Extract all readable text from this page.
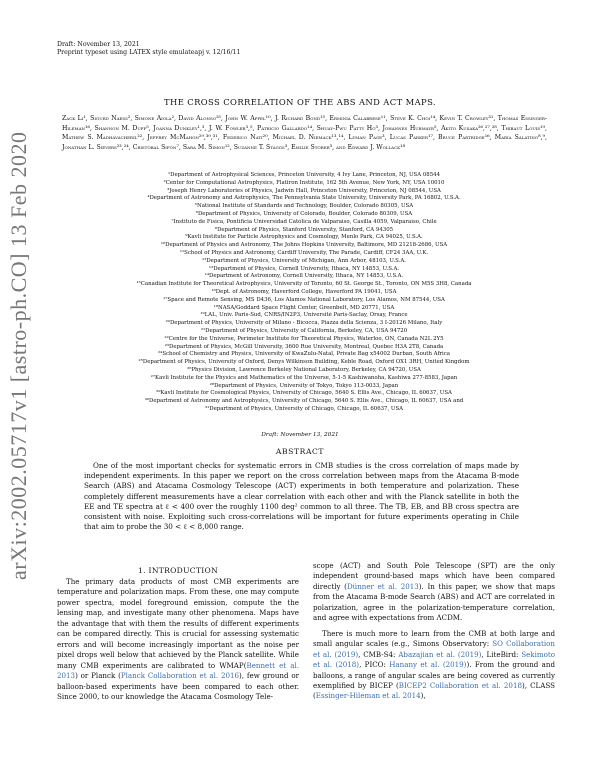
Draft: November 13, 2021
Preprint typeset using LATEX style emulateapj v. 12/16/11
arXiv:2002.05717v1 [astro-ph.CO] 13 Feb 2020
THE CROSS CORRELATION OF THE ABS AND ACT MAPS.
Zack Li¹, Sigurd Naess², Simone Aiola², David Alonso²⁵, John W. Appel¹⁰, J. Richard Bond¹⁵, Erminia Calabrese¹¹, Steve K. Choi¹⁴, Kevin T. Crowley³¹, Thomas Essinger-Hileman¹⁶, Shannon M. Duff⁵, Joanna Dunkley¹,³, J. W. Fowler³,⁵, Patricio Gallardo¹⁴, Shuay-Pwu Patty Ho³, Johannes Hubmayr⁵, Akito Kusaka²⁶,²⁷,²⁸, Thibaut Louis¹⁹, Mathew S. Madhavacheril²², Jeffrey McMahon²⁹,³⁰,³¹, Federico Nati²⁰, Michael D. Niemack¹³,¹⁴, Lyman Page³, Lucas Parker¹⁷, Bruce Partridge¹⁶, Maria Salatino⁸,⁹, Jonathan L. Sievers²³,²⁴, Cristóbal Sifón⁷, Sara M. Simon¹², Suzanne T. Staggs³, Emilie Storer³, and Edward J. Wollack¹⁸
¹Department of Astrophysical Sciences, Princeton University, 4 Ivy Lane, Princeton, NJ, USA 08544
²Center for Computational Astrophysics, Flatiron Institute, 162 5th Avenue, New York, NY, USA 10010
³Joseph Henry Laboratories of Physics, Jadwin Hall, Princeton University, Princeton, NJ 08544, USA
⁴Department of Astronomy and Astrophysics, The Pennsylvania State University, University Park, PA 16802, U.S.A.
⁵National Institute of Standards and Technology, Boulder, Colorado 80305, USA
⁶Department of Physics, University of Colorado, Boulder, Colorado 80309, USA
⁷Instituto de Física, Pontificia Universidad Católica de Valparaíso, Casilla 4059, Valparaíso, Chile
⁸Department of Physics, Stanford University, Stanford, CA 94305
⁹Kavli Institute for Particle Astrophysics and Cosmology, Menlo Park, CA 94025, U.S.A.
¹⁰Department of Physics and Astronomy, The Johns Hopkins University, Baltimore, MD 21218-2686, USA
¹¹School of Physics and Astronomy, Cardiff University, The Parade, Cardiff, CF24 3AA, U.K.
¹²Department of Physics, University of Michigan, Ann Arbor, 48103, U.S.A.
¹³Department of Physics, Cornell University, Ithaca, NY 14853, U.S.A.
¹⁴Department of Astronomy, Cornell University, Ithaca, NY 14853, U.S.A.
¹⁵Canadian Institute for Theoretical Astrophysics, University of Toronto, 60 St. George St., Toronto, ON M5S 3H8, Canada
¹⁶Dept. of Astronomy, Haverford College, Haverford PA 19041, USA
¹⁷Space and Remote Sensing, MS D436, Los Alamos National Laboratory, Los Alamos, NM 87544, USA
¹⁸NASA/Goddard Space Flight Center, Greenbelt, MD 20771, USA
¹⁹LAL, Univ. Paris-Sud, CNRS/IN2P3, Université Paris-Saclay, Orsay, France
²⁰Department of Physics, University of Milano - Bicocca, Piazza della Scienza, 3 I-20126 Milano, Italy
²¹Department of Physics, University of California, Berkeley, CA, USA 94720
²²Centre for the Universe, Perimeter Institute for Theoretical Physics, Waterloo, ON, Canada N2L 2Y5
²³Department of Physics, McGill University, 3600 Rue University, Montreal, Quebec H3A 2T8, Canada
²⁴School of Chemistry and Physics, University of KwaZulu-Natal, Private Bag x54002 Durban, South Africa
²⁵Department of Physics, University of Oxford, Denys Wilkinson Building, Keble Road, Oxford OX1 3RH, United Kingdom
²⁶Physics Division, Lawrence Berkeley National Laboratory, Berkeley, CA 94720, USA
²⁷Kavli Institute for the Physics and Mathematics of the Universe, 5-1-5 Kashiwanoha, Kashiwa 277-8583, Japan
²⁸Department of Physics, University of Tokyo, Tokyo 113-0033, Japan
²⁹Kavli Institute for Cosmological Physics, University of Chicago, 5640 S. Ellis Ave., Chicago, IL 60637, USA
³⁰Department of Astronomy and Astrophysics, University of Chicago, 5640 S. Ellis Ave., Chicago, IL 60637, USA and
³¹Department of Physics, University of Chicago, Chicago, IL 60637, USA
Draft: November 13, 2021
ABSTRACT
One of the most important checks for systematic errors in CMB studies is the cross correlation of maps made by independent experiments. In this paper we report on the cross correlation between maps from the Atacama B-mode Search (ABS) and Atacama Cosmology Telescope (ACT) experiments in both temperature and polarization. These completely different measurements have a clear correlation with each other and with the Planck satellite in both the EE and TE spectra at ℓ < 400 over the roughly 1100 deg² common to all three. The TB, EB, and BB cross spectra are consistent with noise. Exploiting such cross-correlations will be important for future experiments operating in Chile that aim to probe the 30 < ℓ < 8,000 range.
1. INTRODUCTION
The primary data products of most CMB experiments are temperature and polarization maps. From these, one may compute power spectra, model foreground emission, compute the the lensing map, and investigate many other phenomena. Maps have the advantage that with them the results of different experiments can be compared directly. This is crucial for assessing systematic errors and will become increasingly important as the noise per pixel drops well below that achieved by the Planck satellite. While many CMB experiments are calibrated to WMAP(Bennett et al. 2013) or Planck (Planck Collaboration et al. 2016), few ground or balloon-based experiments have been compared to each other. Since 2000, to our knowledge the Atacama Cosmology Tele-
scope (ACT) and South Pole Telescope (SPT) are the only independent ground-based maps which have been compared directly (Dünner et al. 2013). In this paper, we show that maps from the Atacama B-mode Search (ABS) and ACT are correlated in polarization, agree in the polarization-temperature correlation, and agree with expectations from ΛCDM.
There is much more to learn from the CMB at both large and small angular scales (e.g., Simons Observatory: SO Collaboration et al. (2019), CMB-S4: Abazajian et al. (2019), LiteBird: Sekimoto et al. (2018), PICO: Hanany et al. (2019)). From the ground and balloons, a range of angular scales are being covered as currently exemplified by BICEP (BICEP2 Collaboration et al. 2018), CLASS (Essinger-Hileman et al. 2014),
